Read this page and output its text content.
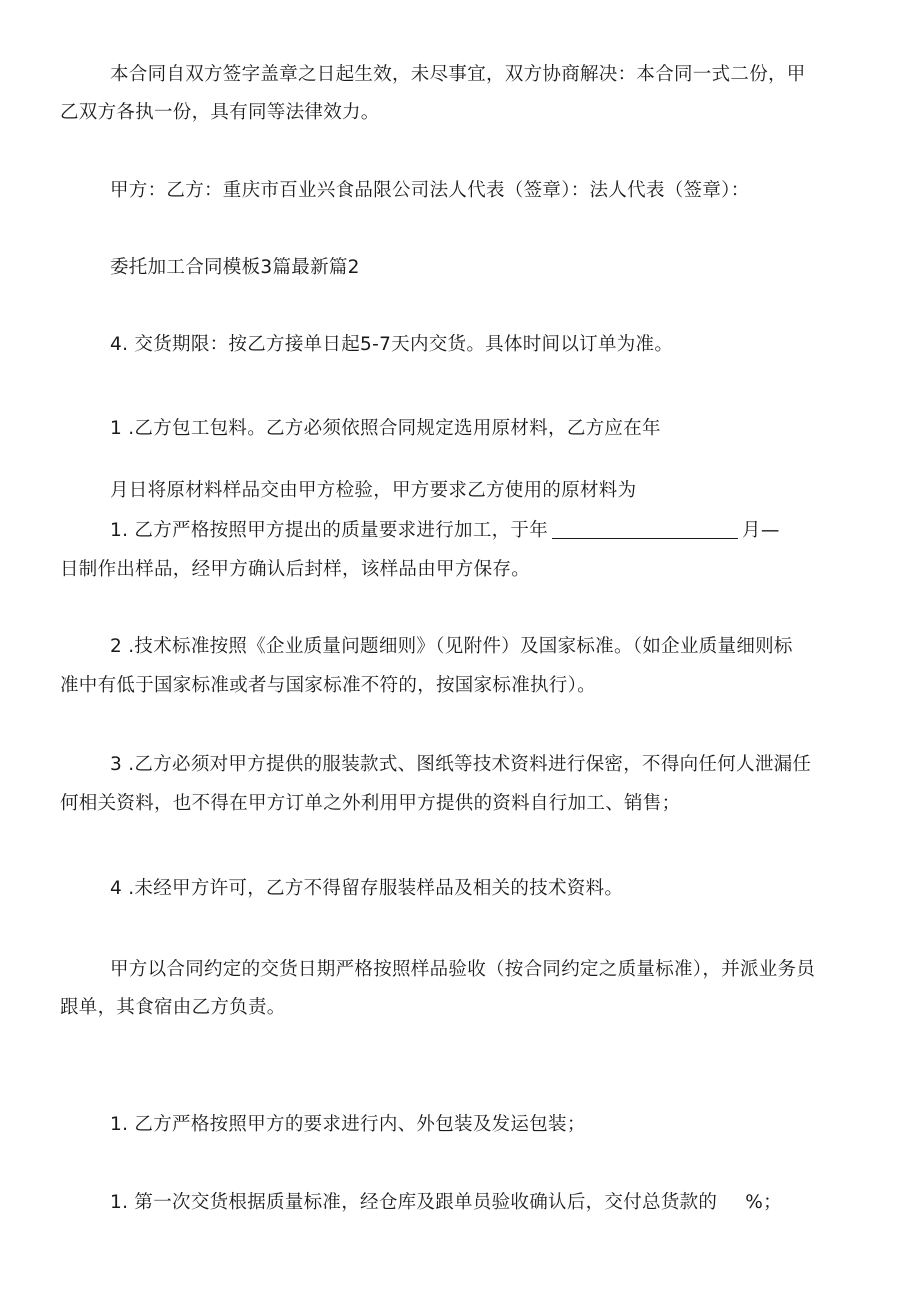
本合同自双方签字盖章之日起生效，未尽事宜，双方协商解决：本合同一式二份，甲
乙双方各执一份，具有同等法律效力。
甲方：乙方：重庆市百业兴食品限公司法人代表（签章）：法人代表（签章）：
委托加工合同模板3篇最新篇2
4. 交货期限：按乙方接单日起5-7天内交货。具体时间以订单为准。
1 .乙方包工包料。乙方必须依照合同规定选用原材料，乙方应在年
月日将原材料样品交由甲方检验，甲方要求乙方使用的原材料为
1. 乙方严格按照甲方提出的质量要求进行加工，于年	月—
日制作出样品，经甲方确认后封样，该样品由甲方保存。
2 .技术标准按照《企业质量问题细则》（见附件）及国家标准。（如企业质量细则标
准中有低于国家标准或者与国家标准不符的，按国家标准执行）。
3 .乙方必须对甲方提供的服装款式、图纸等技术资料进行保密，不得向任何人泄漏任
何相关资料，也不得在甲方订单之外利用甲方提供的资料自行加工、销售；
4 .未经甲方许可，乙方不得留存服装样品及相关的技术资料。
甲方以合同约定的交货日期严格按照样品验收（按合同约定之质量标准），并派业务员
跟单，其食宿由乙方负责。
1. 乙方严格按照甲方的要求进行内、外包装及发运包装；
1. 第一次交货根据质量标准，经仓库及跟单员验收确认后，交付总货款的 %；
